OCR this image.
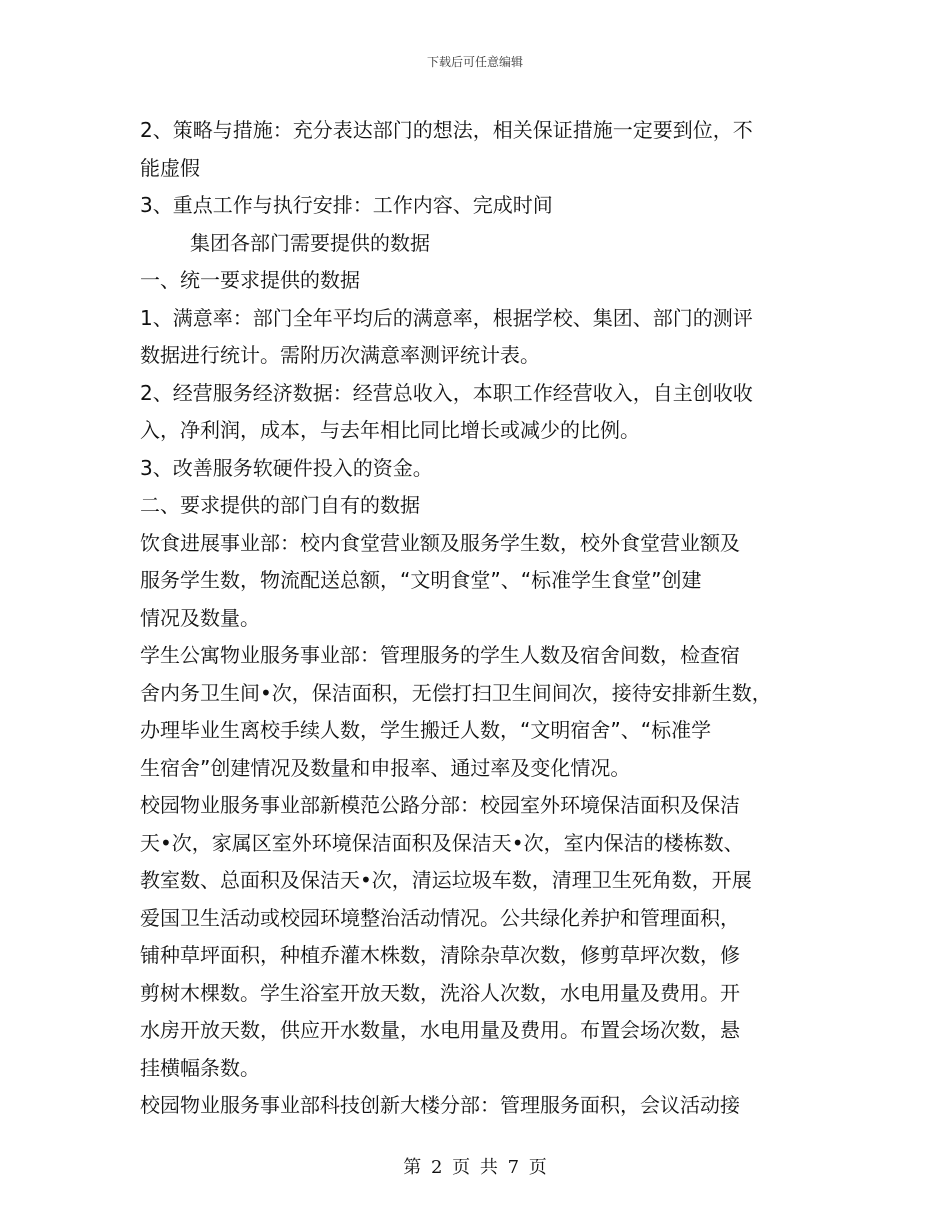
下载后可任意编辑

2、策略与措施：充分表达部门的想法，相关保证措施一定要到位，不

能虚假

3、重点工作与执行安排：工作内容、完成时间

集团各部门需要提供的数据

一、统一要求提供的数据

1、满意率：部门全年平均后的满意率，根据学校、集团、部门的测评

数据进行统计。需附历次满意率测评统计表。

2、经营服务经济数据：经营总收入，本职工作经营收入，自主创收收

入，净利润，成本，与去年相比同比增长或减少的比例。

3、改善服务软硬件投入的资金。

二、要求提供的部门自有的数据

饮食进展事业部：校内食堂营业额及服务学生数，校外食堂营业额及

服务学生数，物流配送总额，“文明食堂”、“标准学生食堂”创建

情况及数量。

学生公寓物业服务事业部：管理服务的学生人数及宿舍间数，检查宿

舍内务卫生间•次，保洁面积，无偿打扫卫生间间次，接待安排新生数，

办理毕业生离校手续人数，学生搬迁人数，“文明宿舍”、“标准学

生宿舍”创建情况及数量和申报率、通过率及变化情况。

校园物业服务事业部新模范公路分部：校园室外环境保洁面积及保洁

天•次，家属区室外环境保洁面积及保洁天•次，室内保洁的楼栋数、

教室数、总面积及保洁天•次，清运垃圾车数，清理卫生死角数，开展

爱国卫生活动或校园环境整治活动情况。公共绿化养护和管理面积，

铺种草坪面积，种植乔灌木株数，清除杂草次数，修剪草坪次数，修

剪树木棵数。学生浴室开放天数，洗浴人次数，水电用量及费用。开

水房开放天数，供应开水数量，水电用量及费用。布置会场次数，悬

挂横幅条数。

校园物业服务事业部科技创新大楼分部：管理服务面积，会议活动接

第 2 页 共 7 页
